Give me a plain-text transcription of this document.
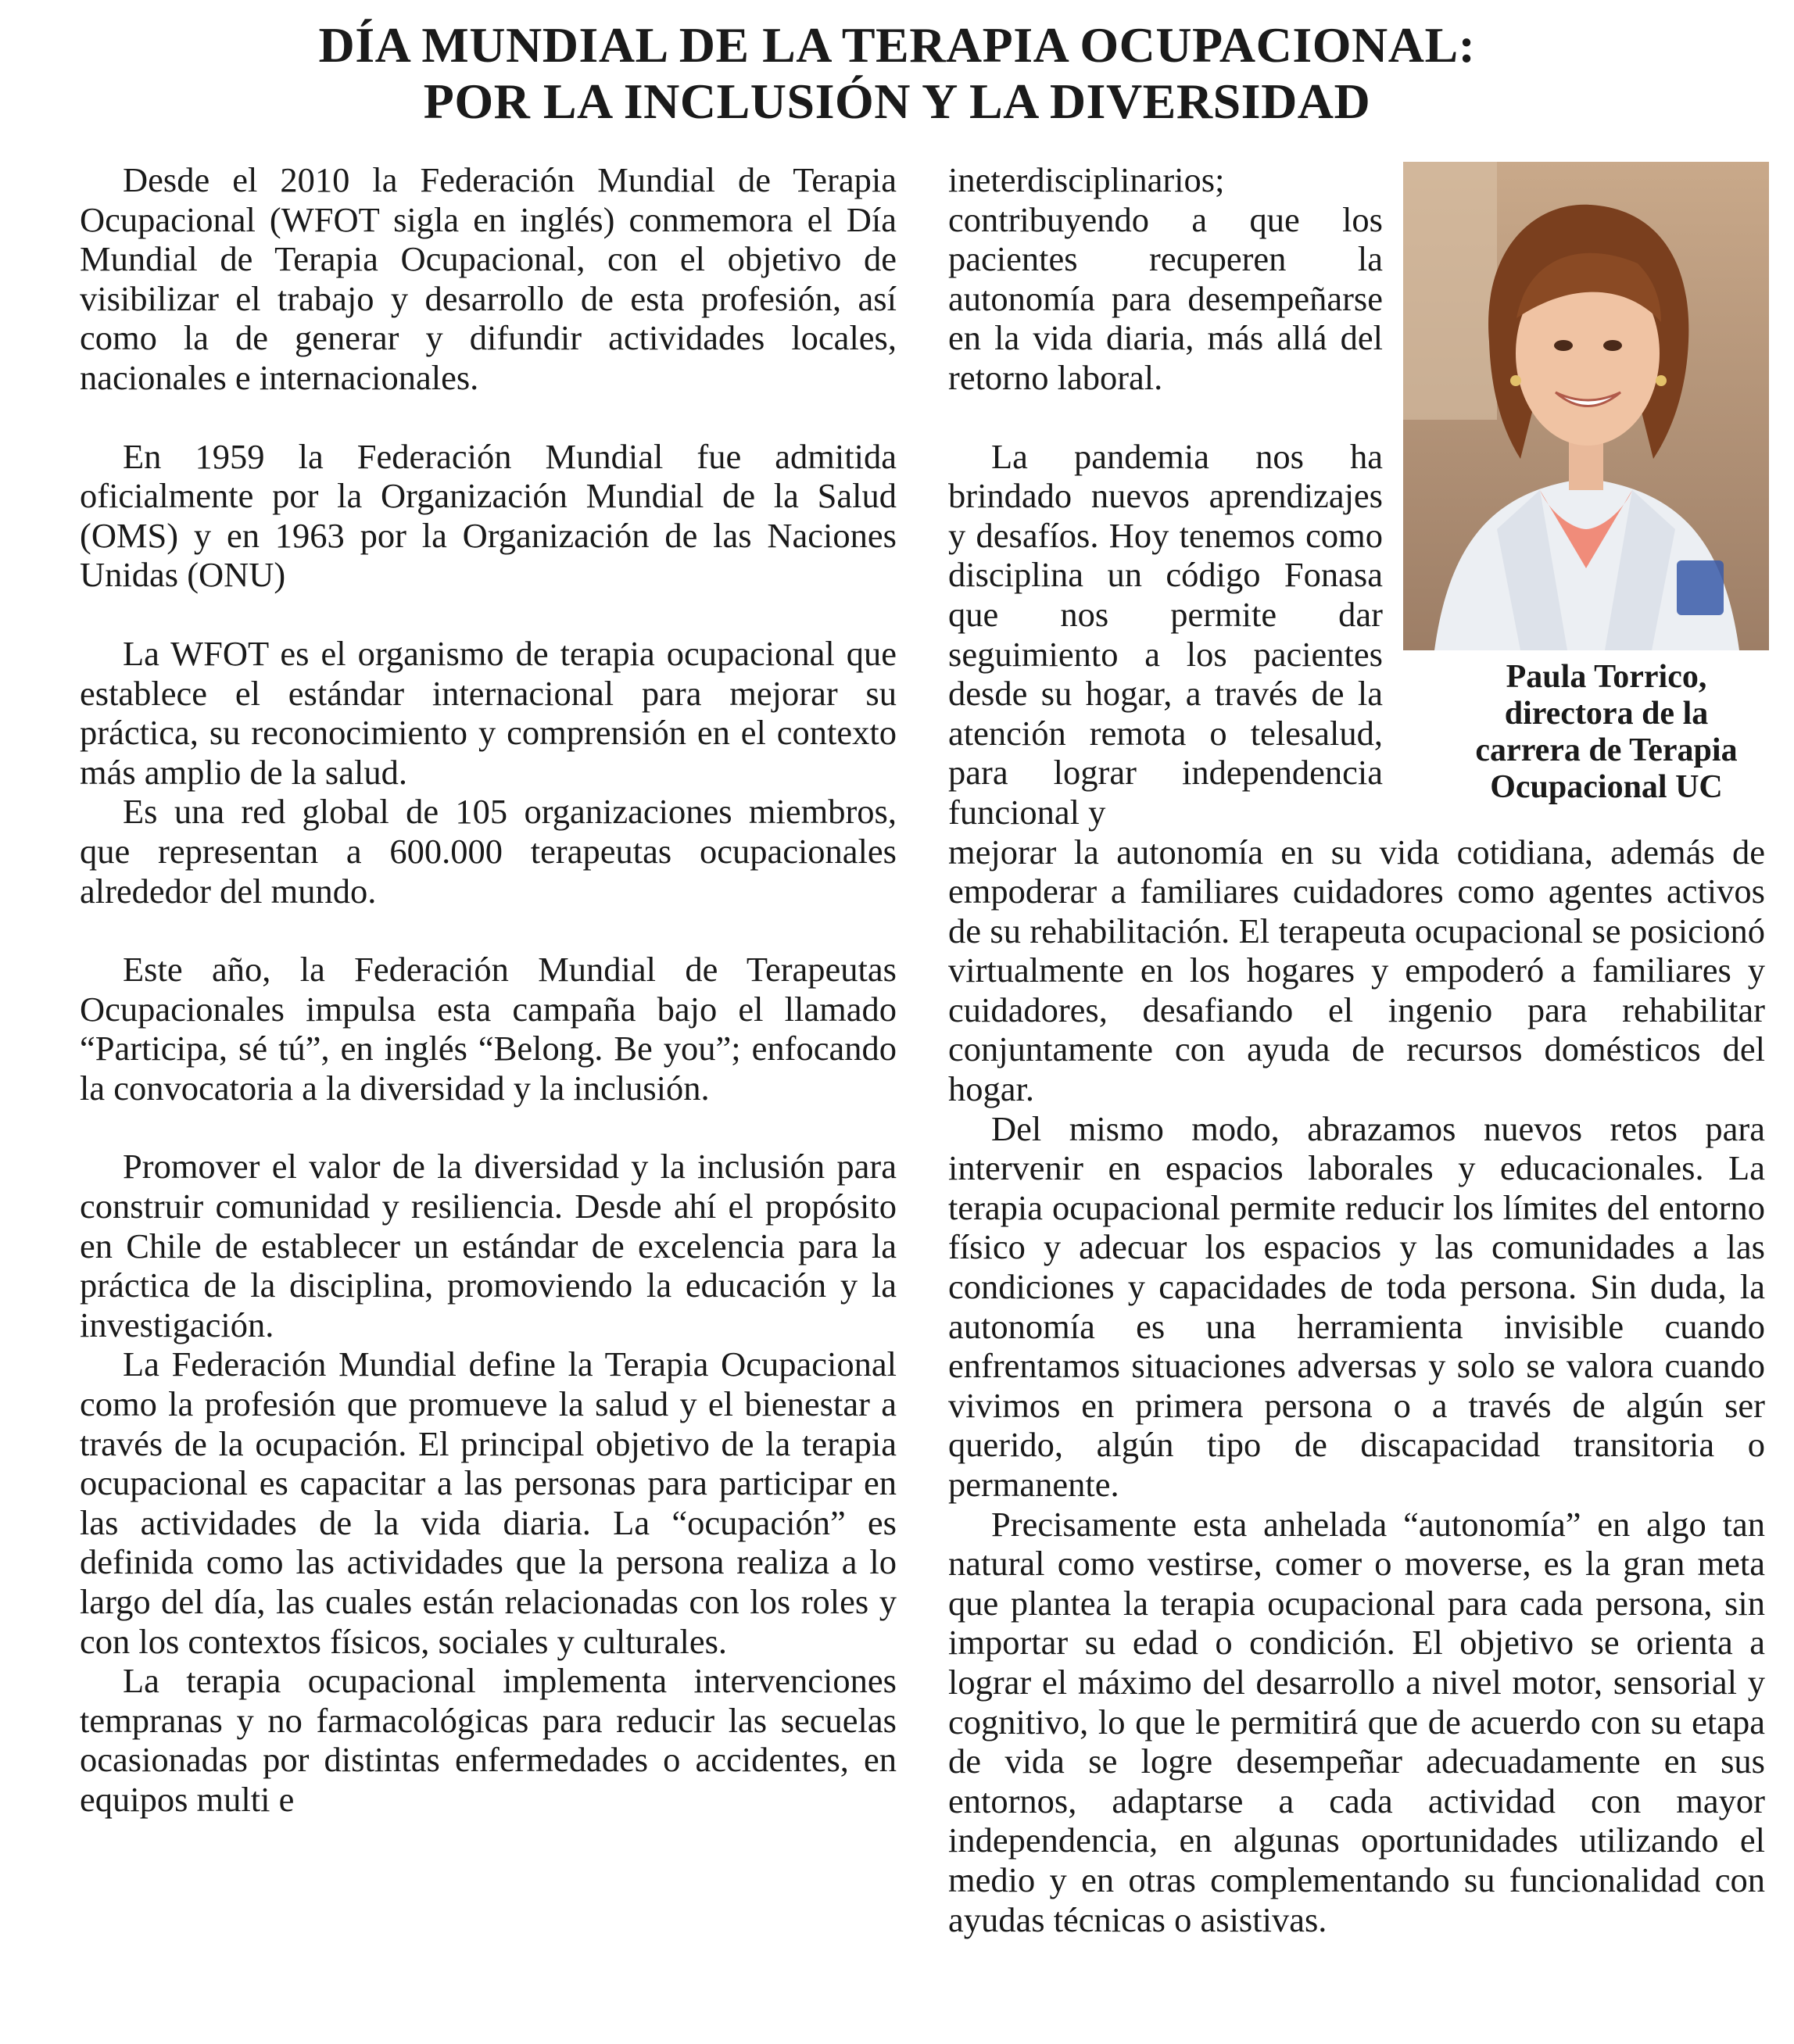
DÍA MUNDIAL DE LA TERAPIA OCUPACIONAL:
POR LA INCLUSIÓN Y LA DIVERSIDAD

Desde el 2010 la Federación Mundial de Terapia Ocupacional (WFOT sigla en inglés) conmemora el Día Mundial de Terapia Ocupacional, con el objetivo de visibilizar el trabajo y desarrollo de esta profesión, así como la de generar y difundir actividades locales, nacionales e internacionales.

En 1959 la Federación Mundial fue admitida oficialmente por la Organización Mundial de la Salud (OMS) y en 1963 por la Organización de las Naciones Unidas (ONU)

La WFOT es el organismo de terapia ocupacional que establece el estándar internacional para mejorar su práctica, su reconocimiento y comprensión en el contexto más amplio de la salud.

Es una red global de 105 organizaciones miembros, que representan a 600.000 terapeutas ocupacionales alrededor del mundo.

Este año, la Federación Mundial de Terapeutas Ocupacionales impulsa esta campaña bajo el llamado “Participa, sé tú”, en inglés “Belong. Be you”; enfocando la convocatoria a la diversidad y la inclusión.

Promover el valor de la diversidad y la inclusión para construir comunidad y resiliencia. Desde ahí el propósito en Chile de establecer un estándar de excelencia para la práctica de la disciplina, promoviendo la educación y la investigación.

La Federación Mundial define la Terapia Ocupacional como la profesión que promueve la salud y el bienestar a través de la ocupación. El principal objetivo de la terapia ocupacional es capacitar a las personas para participar en las actividades de la vida diaria. La “ocupación” es definida como las actividades que la persona realiza a lo largo del día, las cuales están relacionadas con los roles y con los contextos físicos, sociales y culturales.

La terapia ocupacional implementa intervenciones tempranas y no farmacológicas para reducir las secuelas ocasionadas por distintas enfermedades o accidentes, en equipos multi e

ineterdisciplinarios; contribuyendo a que los pacientes recuperen la autonomía para desempeñarse en la vida diaria, más allá del retorno laboral.

La pandemia nos ha brindado nuevos aprendizajes y desafíos. Hoy tenemos como disciplina un código Fonasa que nos permite dar seguimiento a los pacientes desde su hogar, a través de la atención remota o telesalud, para lograr independencia funcional y

mejorar la autonomía en su vida cotidiana, además de empoderar a familiares cuidadores como agentes activos de su rehabilitación. El terapeuta ocupacional se posicionó virtualmente en los hogares y empoderó a familiares y cuidadores, desafiando el ingenio para rehabilitar conjuntamente con ayuda de recursos domésticos del hogar.

Del mismo modo, abrazamos nuevos retos para intervenir en espacios laborales y educacionales. La terapia ocupacional permite reducir los límites del entorno físico y adecuar los espacios y las comunidades a las condiciones y capacidades de toda persona. Sin duda, la autonomía es una herramienta invisible cuando enfrentamos situaciones adversas y solo se valora cuando vivimos en primera persona o a través de algún ser querido, algún tipo de discapacidad transitoria o permanente.

Precisamente esta anhelada “autonomía” en algo tan natural como vestirse, comer o moverse, es la gran meta que plantea la terapia ocupacional para cada persona, sin importar su edad o condición. El objetivo se orienta a lograr el máximo del desarrollo a nivel motor, sensorial y cognitivo, lo que le permitirá que de acuerdo con su etapa de vida se logre desempeñar adecuadamente en sus entornos, adaptarse a cada actividad con mayor independencia, en algunas oportunidades utilizando el medio y en otras complementando su funcionalidad con ayudas técnicas o asistivas.

Paula Torrico,
directora de la
carrera de Terapia
Ocupacional UC
